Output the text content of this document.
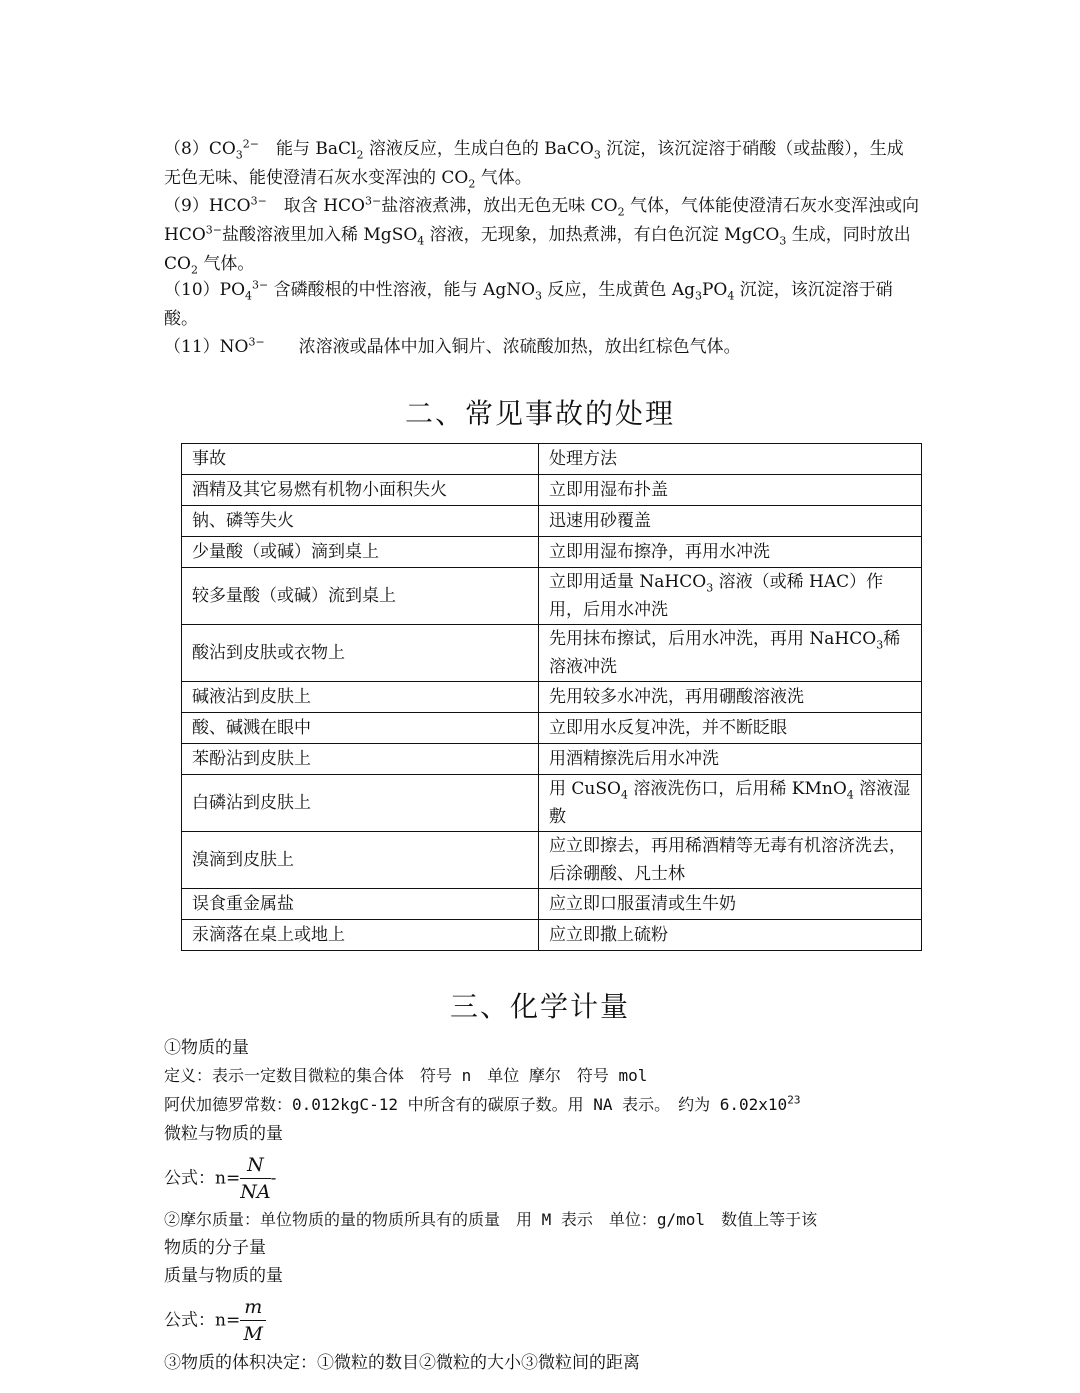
$(8)CO_3^{2-}$　能与 BaCl$_2$ 溶液反应，生成白色的 BaCO$_3$ 沉淀，该沉淀溶于硝酸（或盐酸），生成无色无味、能使澄清石灰水变浑浊的 $CO_2$ 气体。

$(9)HCO^{3-}$　取含 $HCO^{3-}$盐溶液煮沸，放出无色无味 $CO_2$ 气体，气体能使澄清石灰水变浑浊或向 $HCO^{3-}$盐酸溶液里加入稀 MgSO$_4$ 溶液，无现象，加热煮沸，有白色沉淀 MgCO$_3$ 生成，同时放出 $CO_2$ 气体。

$(10)PO_4^{3-}$ 含磷酸根的中性溶液，能与 AgNO$_3$ 反应，生成黄色 $Ag_3PO_4$ 沉淀，该沉淀溶于硝酸。

$(11)NO^{3-}$　　浓溶液或晶体中加入铜片、浓硫酸加热，放出红棕色气体。

二、常见事故的处理
事故	处理方法
酒精及其它易燃有机物小面积失火	立即用湿布扑盖
钠、磷等失火	迅速用砂覆盖
少量酸（或碱）滴到桌上	立即用湿布擦净，再用水冲洗
较多量酸（或碱）流到桌上	立即用适量 NaHCO$_3$ 溶液（或稀 HAC）作用，后用水冲洗
酸沾到皮肤或衣物上	先用抹布擦试，后用水冲洗，再用 NaHCO$_3$稀溶液冲洗
碱液沾到皮肤上	先用较多水冲洗，再用硼酸溶液洗
酸、碱溅在眼中	立即用水反复冲洗，并不断眨眼
苯酚沾到皮肤上	用酒精擦洗后用水冲洗
白磷沾到皮肤上	用 CuSO$_4$ 溶液洗伤口，后用稀 KMnO$_4$ 溶液湿敷
溴滴到皮肤上	应立即擦去，再用稀酒精等无毒有机溶济洗去，后涂硼酸、凡士林
误食重金属盐	应立即口服蛋清或生牛奶
汞滴落在桌上或地上	应立即撒上硫粉
三、化学计量
①物质的量
定义：表示一定数目微粒的集合体　符号 n　单位 摩尔　符号 mol
阿伏加德罗常数：0.012kgC-12 中所含有的碳原子数。用 NA 表示。　约为 $6.02x10^{23}$
微粒与物质的量
公式：$n= \frac{N}{NA}$ -
②摩尔质量：单位物质的量的物质所具有的质量　用 M 表示　单位：g/mol　数值上等于该
物质的分子量
质量与物质的量
公式：$n= \frac{m}{M}$
③物质的体积决定：①微粒的数目②微粒的大小③微粒间的距离
